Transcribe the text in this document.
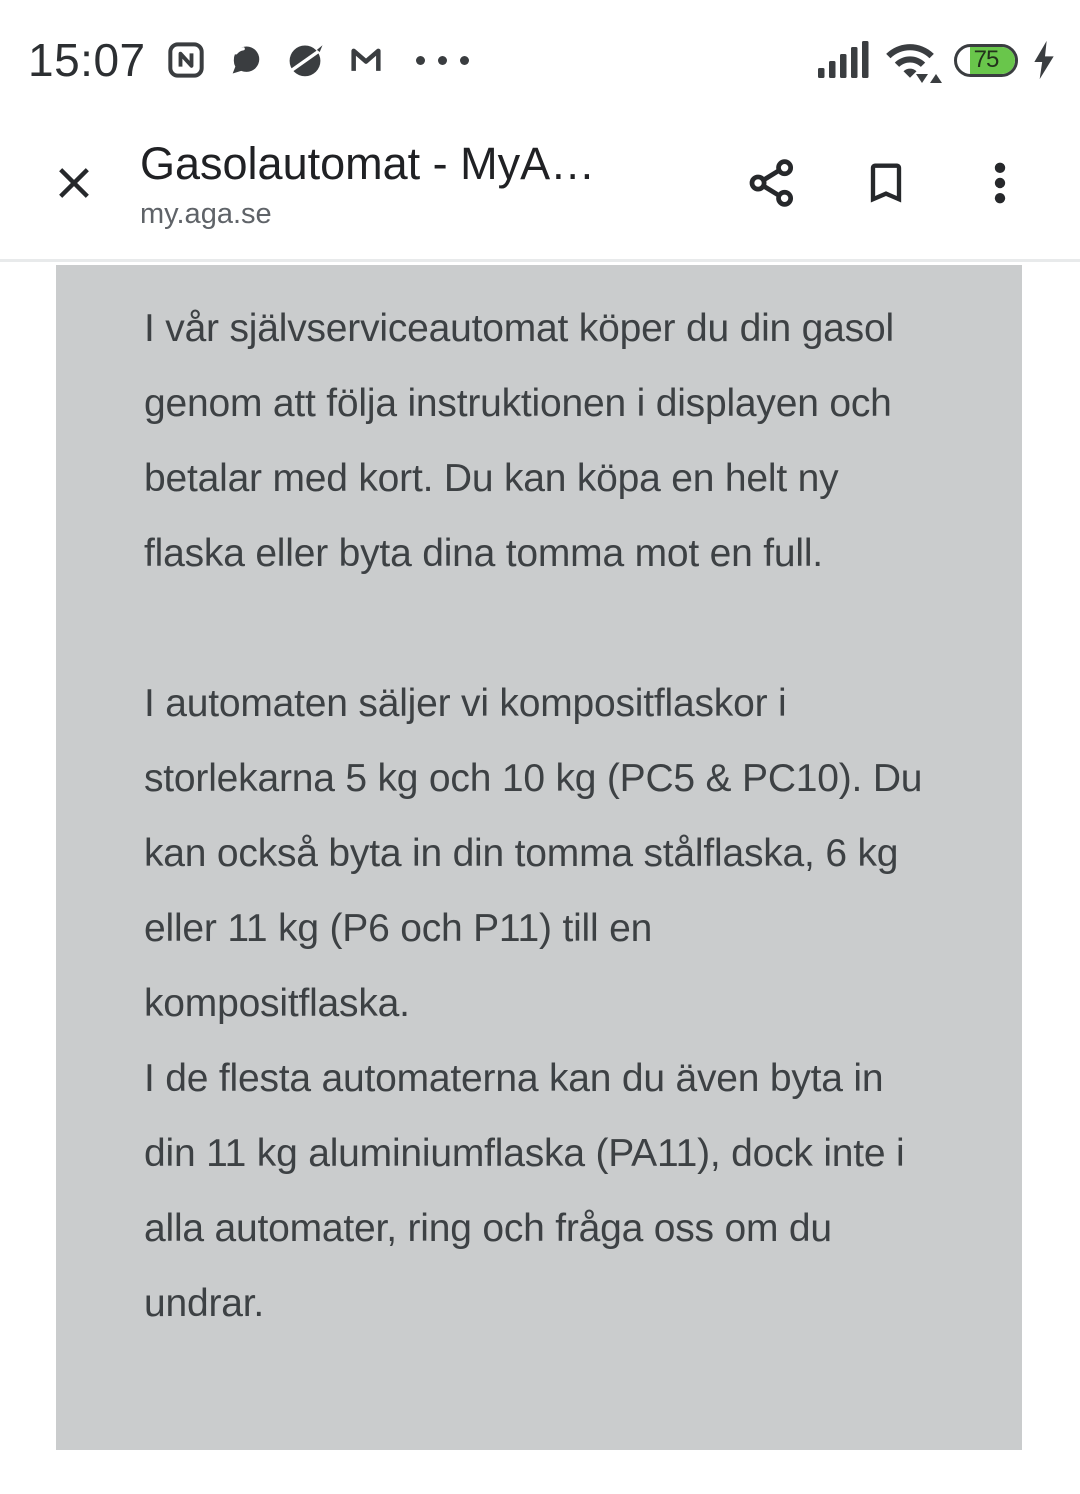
15:07	75
Gasolautomat - MyA…
my.aga.se

I vår självserviceautomat köper du din gasol
genom att följa instruktionen i displayen och
betalar med kort. Du kan köpa en helt ny
flaska eller byta dina tomma mot en full.

I automaten säljer vi kompositflaskor i
storlekarna 5 kg och 10 kg (PC5 & PC10). Du
kan också byta in din tomma stålflaska, 6 kg
eller 11 kg (P6 och P11) till en
kompositflaska.

I de flesta automaterna kan du även byta in
din 11 kg aluminiumflaska (PA11), dock inte i
alla automater, ring och fråga oss om du
undrar.
